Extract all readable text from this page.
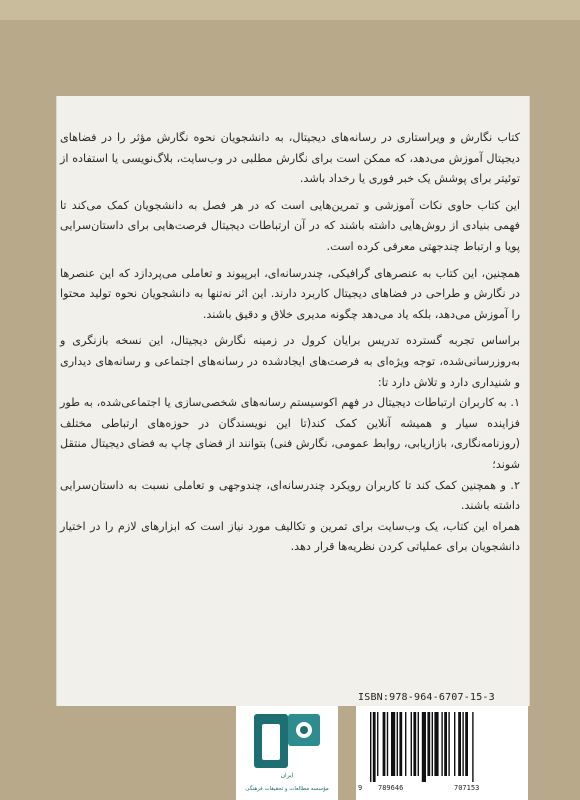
کتاب نگارش و ویراستاری در رسانه‌های دیجیتال، به دانشجویان نحوه نگارش مؤثر را در فضاهای دیجیتال آموزش می‌دهد، که ممکن است برای نگارش مطلبی در وب‌سایت، بلاگ‌نویسی یا استفاده از توئیتر برای پوشش یک خبر فوری یا رخداد باشد.

این کتاب حاوی نکات آموزشی و تمرین‌هایی است که در هر فصل به دانشجویان کمک می‌کند تا فهمی بنیادی از روش‌هایی داشته باشند که در آن ارتباطات دیجیتال فرصت‌هایی برای داستان‌سرایی پویا و ارتباط چندجهتی معرفی کرده است.

همچنین، این کتاب به عنصرهای گرافیکی، چندرسانه‌ای، ابرپیوند و تعاملی می‌پردازد که این عنصرها در نگارش و طراحی در فضاهای دیجیتال کاربرد دارند. این اثر نه‌تنها به دانشجویان نحوه تولید محتوا را آموزش می‌دهد، بلکه یاد می‌دهد چگونه مدیری خلاق و دقیق باشند.

براساس تجربه گسترده تدریس برایان کرول در زمینه نگارش دیجیتال، این نسخه بازنگری و به‌روزرسانی‌شده، توجه ویژه‌ای به فرصت‌های ایجادشده در رسانه‌های اجتماعی و رسانه‌های دیداری و شنیداری دارد و تلاش دارد تا:

۱. به کاربران ارتباطات دیجیتال در فهم اکوسیستم رسانه‌های شخصی‌سازی یا اجتماعی‌شده، به طور فزاینده سیار و همیشه آنلاین کمک کند(تا این نویسندگان در حوزه‌های ارتباطی مختلف (روزنامه‌نگاری، بازاریابی، روابط عمومی، نگارش فنی) بتوانند از فضای چاپ به فضای دیجیتال منتقل شوند؛

۲. و همچنین کمک کند تا کاربران رویکرد چندرسانه‌ای، چندوجهی و تعاملی نسبت به داستان‌سرایی داشته باشند.

همراه این کتاب، یک وب‌سایت برای تمرین و تکالیف مورد نیاز است که ابزارهای لازم را در اختیار دانشجویان برای عملیاتی کردن نظریه‌ها قرار دهد.

ایران
مؤسسه مطالعات و تحقیقات فرهنگی
ISBN:978-964-6707-15-3
9 789646	707153
